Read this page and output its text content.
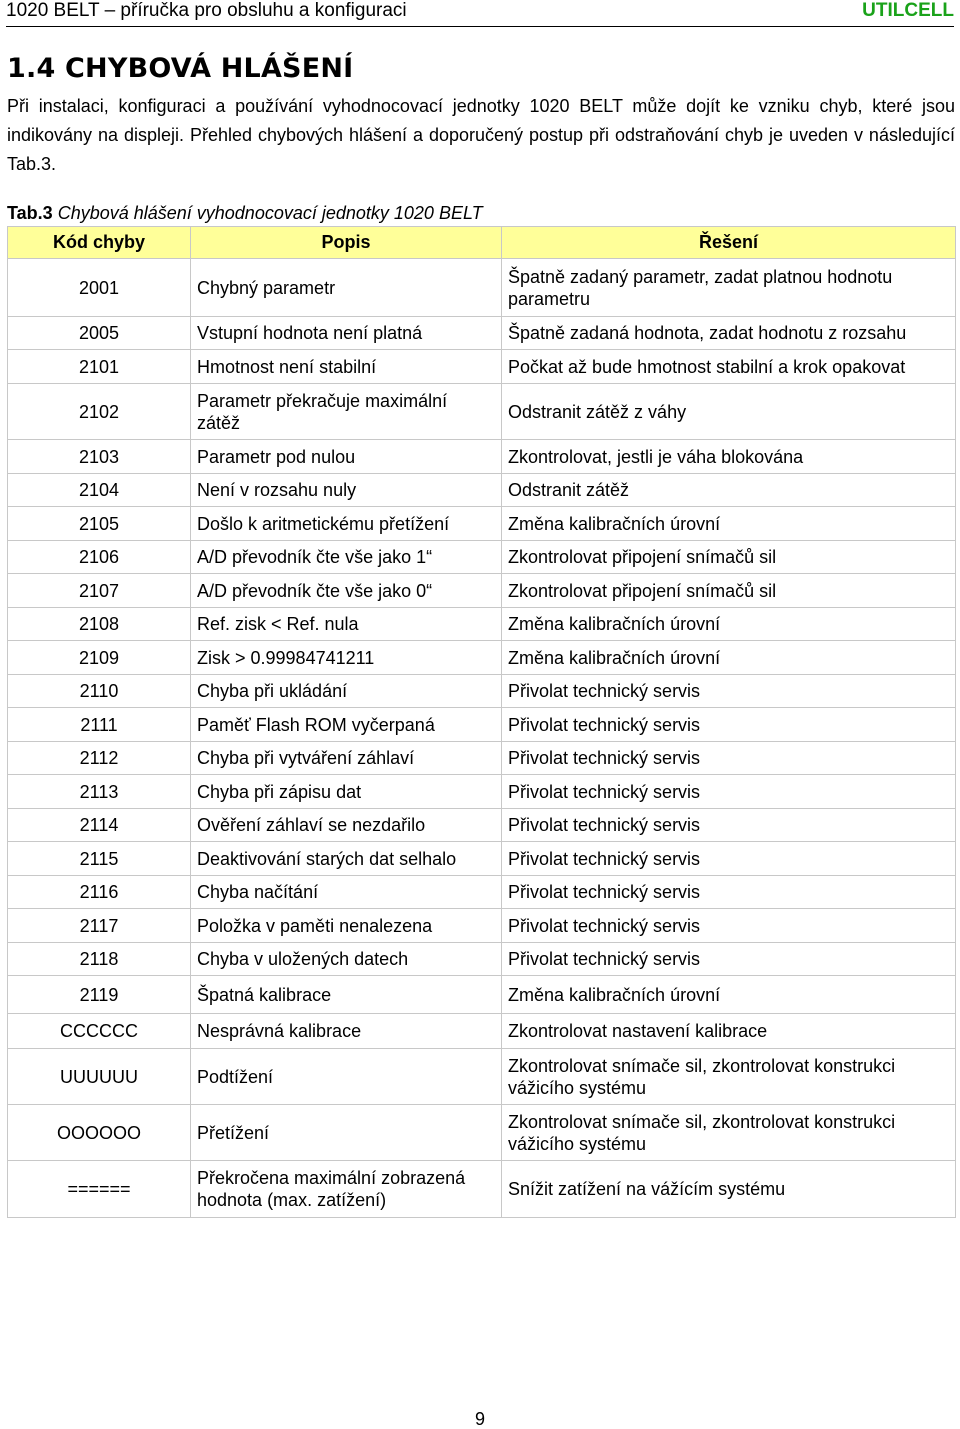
1020 BELT – příručka pro obsluhu a konfiguraci	UTILCELL
1.4 CHYBOVÁ HLÁŠENÍ
Při instalaci, konfiguraci a používání vyhodnocovací jednotky 1020 BELT může dojít ke vzniku chyb, které jsou indikovány na displeji. Přehled chybových hlášení a doporučený postup při odstraňování chyb je uveden v následující Tab.3.
Tab.3 Chybová hlášení vyhodnocovací jednotky 1020 BELT
Kód chyby	Popis	Řešení
2001	Chybný parametr	Špatně zadaný parametr, zadat platnou hodnotu parametru
2005	Vstupní hodnota není platná	Špatně zadaná hodnota, zadat hodnotu z rozsahu
2101	Hmotnost není stabilní	Počkat až bude hmotnost stabilní a krok opakovat
2102	Parametr překračuje maximální zátěž	Odstranit zátěž z váhy
2103	Parametr pod nulou	Zkontrolovat, jestli je váha blokována
2104	Není v rozsahu nuly	Odstranit zátěž
2105	Došlo k aritmetickému přetížení	Změna kalibračních úrovní
2106	A/D převodník čte vše jako 1“	Zkontrolovat připojení snímačů sil
2107	A/D převodník čte vše jako 0“	Zkontrolovat připojení snímačů sil
2108	Ref. zisk < Ref. nula	Změna kalibračních úrovní
2109	Zisk > 0.99984741211	Změna kalibračních úrovní
2110	Chyba při ukládání	Přivolat technický servis
2111	Paměť Flash ROM vyčerpaná	Přivolat technický servis
2112	Chyba při vytváření záhlaví	Přivolat technický servis
2113	Chyba při zápisu dat	Přivolat technický servis
2114	Ověření záhlaví se nezdařilo	Přivolat technický servis
2115	Deaktivování starých dat selhalo	Přivolat technický servis
2116	Chyba načítání	Přivolat technický servis
2117	Položka v paměti nenalezena	Přivolat technický servis
2118	Chyba v uložených datech	Přivolat technický servis
2119	Špatná kalibrace	Změna kalibračních úrovní
CCCCCC	Nesprávná kalibrace	Zkontrolovat nastavení kalibrace
UUUUUU	Podtížení	Zkontrolovat snímače sil, zkontrolovat konstrukci vážicího systému
OOOOOO	Přetížení	Zkontrolovat snímače sil, zkontrolovat konstrukci vážicího systému
======	Překročena maximální zobrazená hodnota (max. zatížení)	Snížit zatížení na vážícím systému
9
